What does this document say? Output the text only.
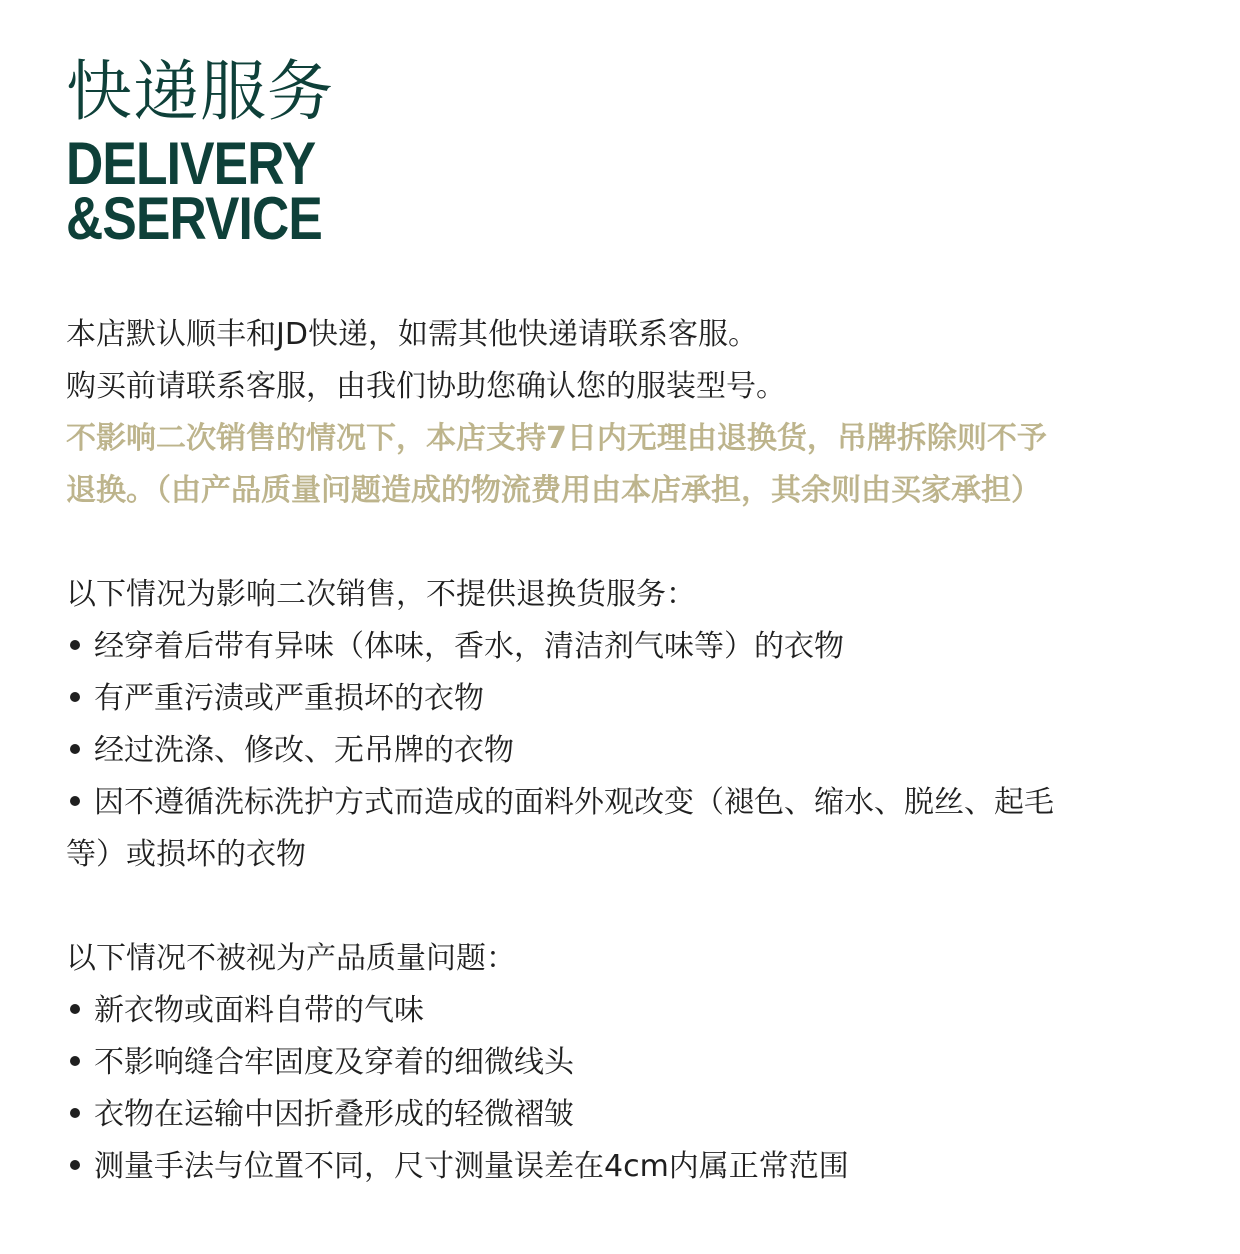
快递服务
DELIVERY
&SERVICE
本店默认顺丰和JD快递，如需其他快递请联系客服。
购买前请联系客服，由我们协助您确认您的服装型号。
不影响二次销售的情况下，本店支持7日内无理由退换货，吊牌拆除则不予
退换。（由产品质量问题造成的物流费用由本店承担，其余则由买家承担）
以下情况为影响二次销售，不提供退换货服务：
经穿着后带有异味（体味，香水，清洁剂气味等）的衣物
有严重污渍或严重损坏的衣物
经过洗涤、修改、无吊牌的衣物
因不遵循洗标洗护方式而造成的面料外观改变（褪色、缩水、脱丝、起毛
等）或损坏的衣物
以下情况不被视为产品质量问题：
新衣物或面料自带的气味
不影响缝合牢固度及穿着的细微线头
衣物在运输中因折叠形成的轻微褶皱
测量手法与位置不同，尺寸测量误差在4cm内属正常范围
